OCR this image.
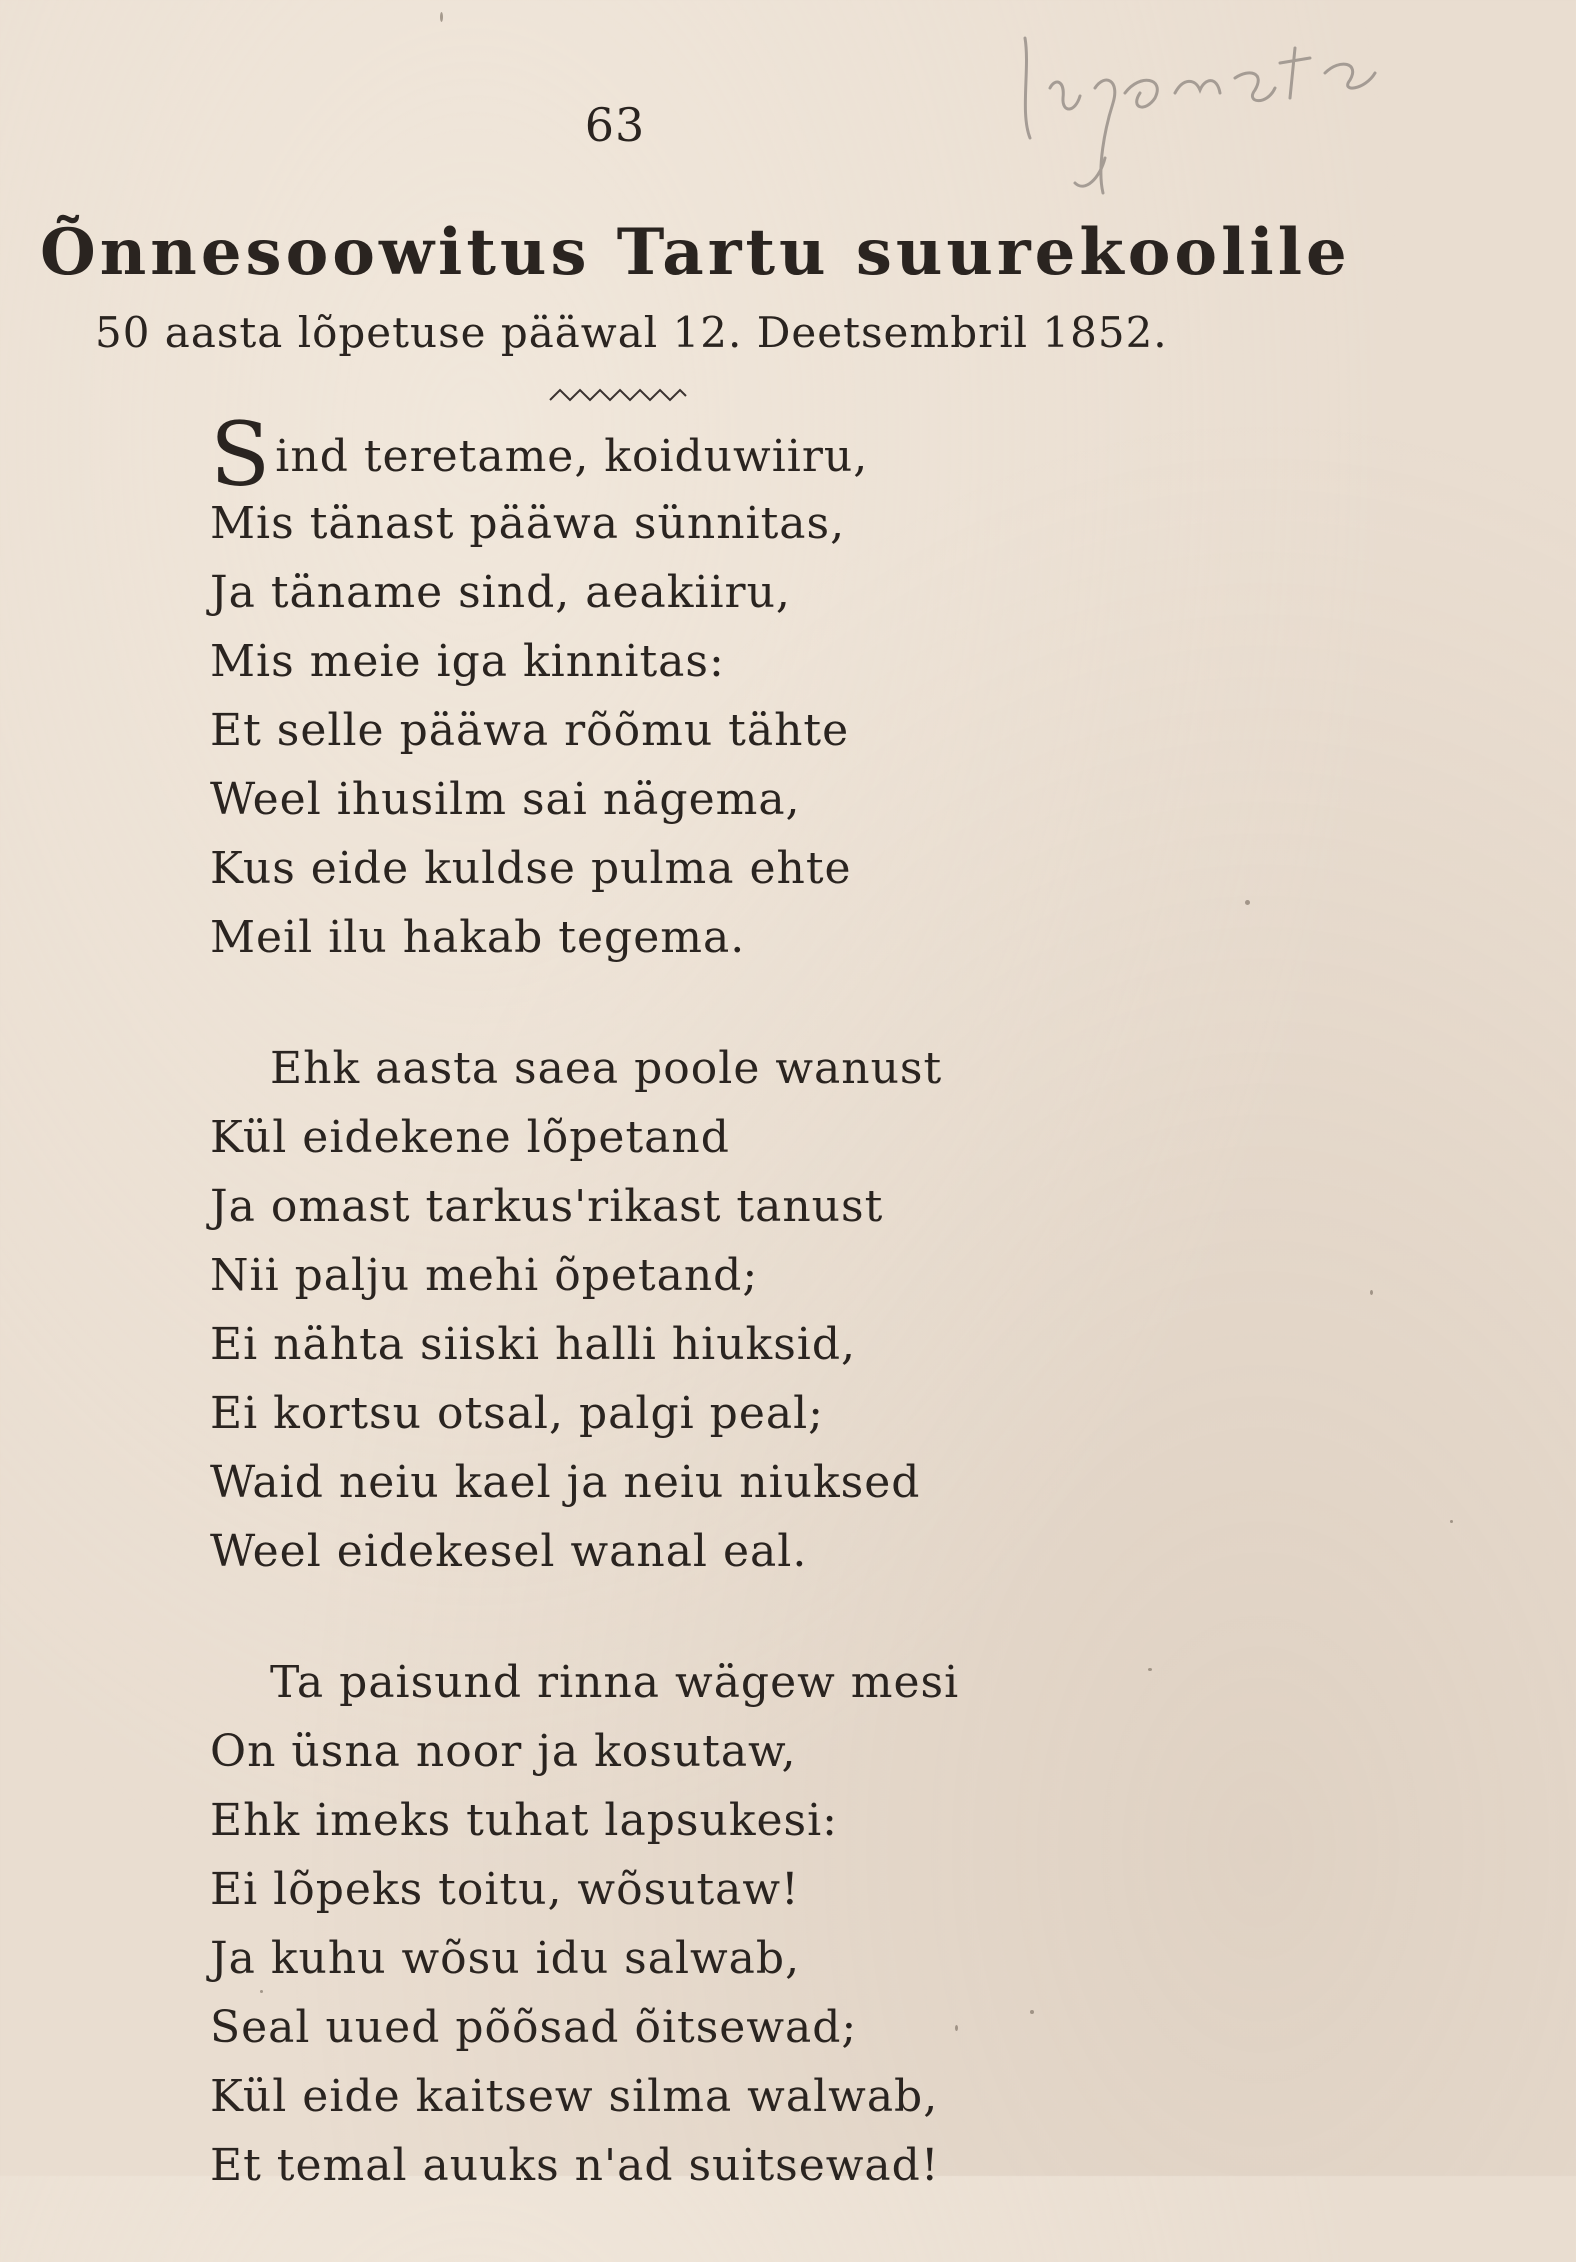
63
Õnnesoowitus Tartu suurekoolile
50 aasta lõpetuse pääwal 12. Deetsembril 1852.
Sind teretame, koiduwiiru,
Mis tänast pääwa sünnitas,
Ja täname sind, aeakiiru,
Mis meie iga kinnitas:
Et selle pääwa rõõmu tähte
Weel ihusilm sai nägema,
Kus eide kuldse pulma ehte
Meil ilu hakab tegema.
Ehk aasta saea poole wanust
Kül eidekene lõpetand
Ja omast tarkus'rikast tanust
Nii palju mehi õpetand;
Ei nähta siiski halli hiuksid,
Ei kortsu otsal, palgi peal;
Waid neiu kael ja neiu niuksed
Weel eidekesel wanal eal.
Ta paisund rinna wägew mesi
On üsna noor ja kosutaw,
Ehk imeks tuhat lapsukesi:
Ei lõpeks toitu, wõsutaw!
Ja kuhu wõsu idu salwab,
Seal uued põõsad õitsewad;
Kül eide kaitsew silma walwab,
Et temal auuks n'ad suitsewad!
